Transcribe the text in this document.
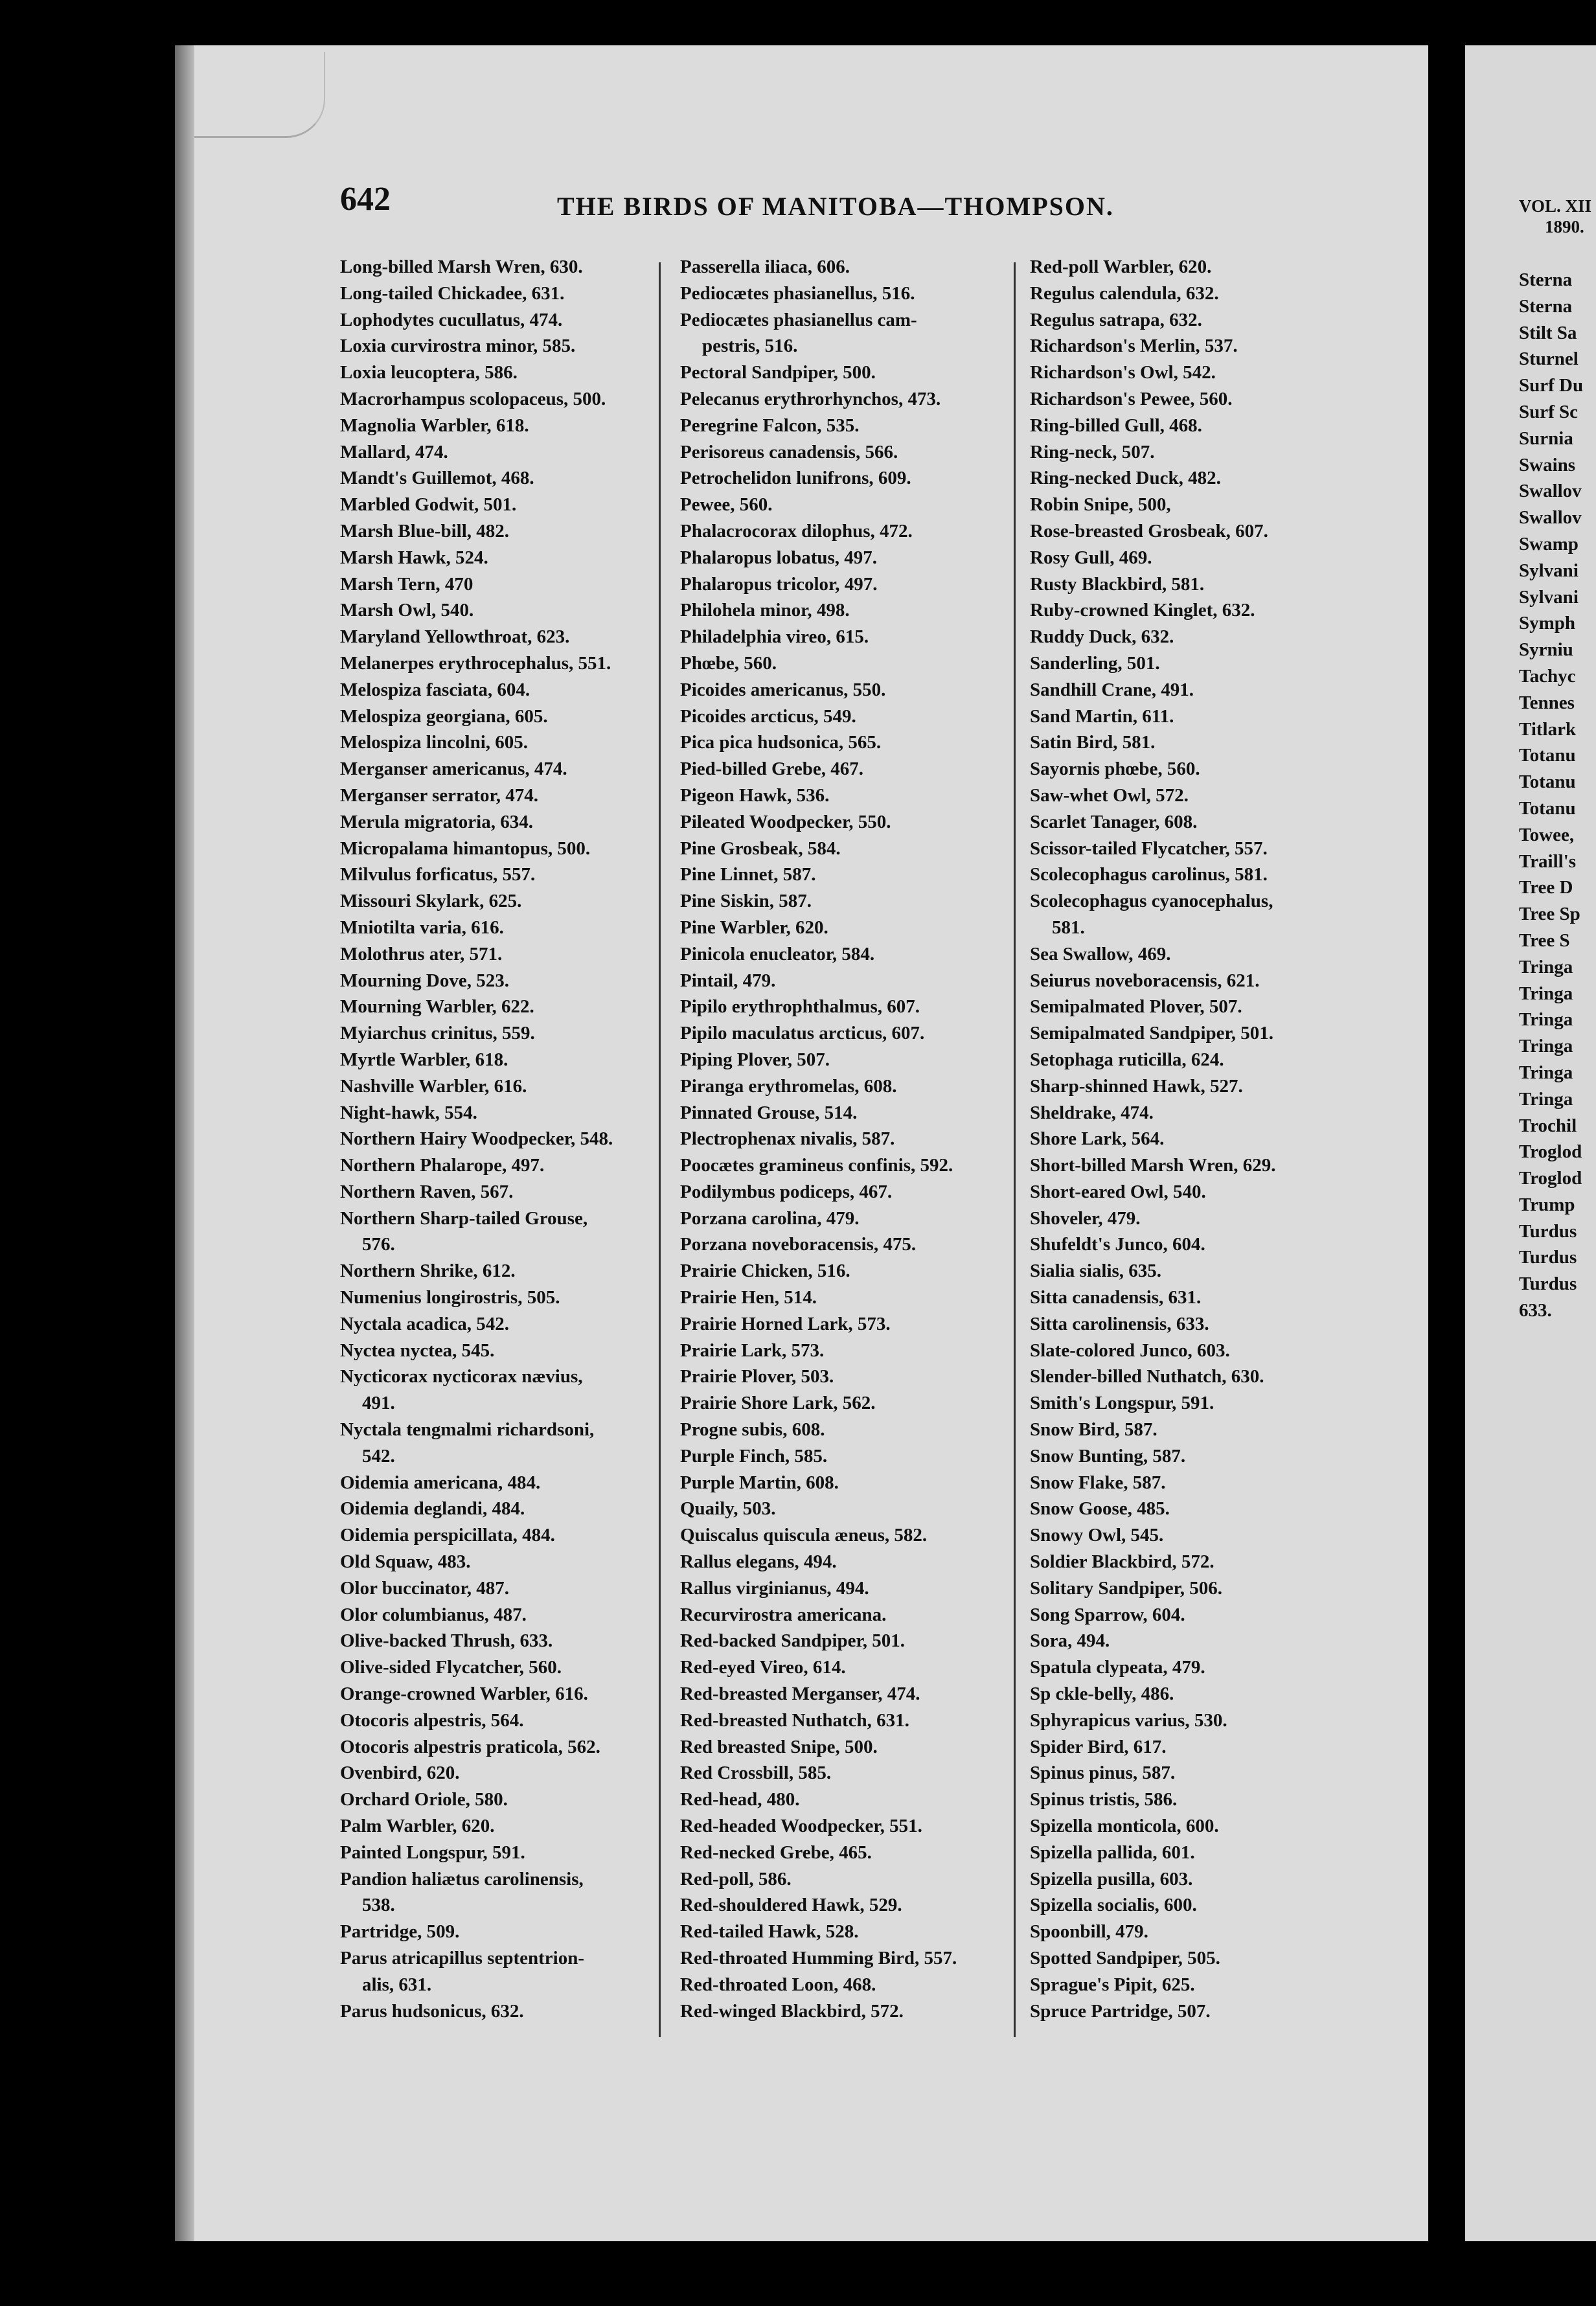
642	THE BIRDS OF MANITOBA—THOMPSON.
Long-billed Marsh Wren, 630.
Long-tailed Chickadee, 631.
Lophodytes cucullatus, 474.
Loxia curvirostra minor, 585.
Loxia leucoptera, 586.
Macrorhampus scolopaceus, 500.
Magnolia Warbler, 618.
Mallard, 474.
Mandt's Guillemot, 468.
Marbled Godwit, 501.
Marsh Blue-bill, 482.
Marsh Hawk, 524.
Marsh Tern, 470
Marsh Owl, 540.
Maryland Yellowthroat, 623.
Melanerpes erythrocephalus, 551.
Melospiza fasciata, 604.
Melospiza georgiana, 605.
Melospiza lincolni, 605.
Merganser americanus, 474.
Merganser serrator, 474.
Merula migratoria, 634.
Micropalama himantopus, 500.
Milvulus forficatus, 557.
Missouri Skylark, 625.
Mniotilta varia, 616.
Molothrus ater, 571.
Mourning Dove, 523.
Mourning Warbler, 622.
Myiarchus crinitus, 559.
Myrtle Warbler, 618.
Nashville Warbler, 616.
Night-hawk, 554.
Northern Hairy Woodpecker, 548.
Northern Phalarope, 497.
Northern Raven, 567.
Northern Sharp-tailed Grouse,
576.
Northern Shrike, 612.
Numenius longirostris, 505.
Nyctala acadica, 542.
Nyctea nyctea, 545.
Nycticorax nycticorax nævius,
491.
Nyctala tengmalmi richardsoni,
542.
Oidemia americana, 484.
Oidemia deglandi, 484.
Oidemia perspicillata, 484.
Old Squaw, 483.
Olor buccinator, 487.
Olor columbianus, 487.
Olive-backed Thrush, 633.
Olive-sided Flycatcher, 560.
Orange-crowned Warbler, 616.
Otocoris alpestris, 564.
Otocoris alpestris praticola, 562.
Ovenbird, 620.
Orchard Oriole, 580.
Palm Warbler, 620.
Painted Longspur, 591.
Pandion haliætus carolinensis,
538.
Partridge, 509.
Parus atricapillus septentrion-
alis, 631.
Parus hudsonicus, 632.
Passerella iliaca, 606.
Pediocætes phasianellus, 516.
Pediocætes phasianellus cam-
pestris, 516.
Pectoral Sandpiper, 500.
Pelecanus erythrorhynchos, 473.
Peregrine Falcon, 535.
Perisoreus canadensis, 566.
Petrochelidon lunifrons, 609.
Pewee, 560.
Phalacrocorax dilophus, 472.
Phalaropus lobatus, 497.
Phalaropus tricolor, 497.
Philohela minor, 498.
Philadelphia vireo, 615.
Phœbe, 560.
Picoides americanus, 550.
Picoides arcticus, 549.
Pica pica hudsonica, 565.
Pied-billed Grebe, 467.
Pigeon Hawk, 536.
Pileated Woodpecker, 550.
Pine Grosbeak, 584.
Pine Linnet, 587.
Pine Siskin, 587.
Pine Warbler, 620.
Pinicola enucleator, 584.
Pintail, 479.
Pipilo erythrophthalmus, 607.
Pipilo maculatus arcticus, 607.
Piping Plover, 507.
Piranga erythromelas, 608.
Pinnated Grouse, 514.
Plectrophenax nivalis, 587.
Poocætes gramineus confinis, 592.
Podilymbus podiceps, 467.
Porzana carolina, 479.
Porzana noveboracensis, 475.
Prairie Chicken, 516.
Prairie Hen, 514.
Prairie Horned Lark, 573.
Prairie Lark, 573.
Prairie Plover, 503.
Prairie Shore Lark, 562.
Progne subis, 608.
Purple Finch, 585.
Purple Martin, 608.
Quaily, 503.
Quiscalus quiscula æneus, 582.
Rallus elegans, 494.
Rallus virginianus, 494.
Recurvirostra americana.
Red-backed Sandpiper, 501.
Red-eyed Vireo, 614.
Red-breasted Merganser, 474.
Red-breasted Nuthatch, 631.
Red breasted Snipe, 500.
Red Crossbill, 585.
Red-head, 480.
Red-headed Woodpecker, 551.
Red-necked Grebe, 465.
Red-poll, 586.
Red-shouldered Hawk, 529.
Red-tailed Hawk, 528.
Red-throated Humming Bird, 557.
Red-throated Loon, 468.
Red-winged Blackbird, 572.
Red-poll Warbler, 620.
Regulus calendula, 632.
Regulus satrapa, 632.
Richardson's Merlin, 537.
Richardson's Owl, 542.
Richardson's Pewee, 560.
Ring-billed Gull, 468.
Ring-neck, 507.
Ring-necked Duck, 482.
Robin Snipe, 500,
Rose-breasted Grosbeak, 607.
Rosy Gull, 469.
Rusty Blackbird, 581.
Ruby-crowned Kinglet, 632.
Ruddy Duck, 632.
Sanderling, 501.
Sandhill Crane, 491.
Sand Martin, 611.
Satin Bird, 581.
Sayornis phœbe, 560.
Saw-whet Owl, 572.
Scarlet Tanager, 608.
Scissor-tailed Flycatcher, 557.
Scolecophagus carolinus, 581.
Scolecophagus cyanocephalus,
581.
Sea Swallow, 469.
Seiurus noveboracensis, 621.
Semipalmated Plover, 507.
Semipalmated Sandpiper, 501.
Setophaga ruticilla, 624.
Sharp-shinned Hawk, 527.
Sheldrake, 474.
Shore Lark, 564.
Short-billed Marsh Wren, 629.
Short-eared Owl, 540.
Shoveler, 479.
Shufeldt's Junco, 604.
Sialia sialis, 635.
Sitta canadensis, 631.
Sitta carolinensis, 633.
Slate-colored Junco, 603.
Slender-billed Nuthatch, 630.
Smith's Longspur, 591.
Snow Bird, 587.
Snow Bunting, 587.
Snow Flake, 587.
Snow Goose, 485.
Snowy Owl, 545.
Soldier Blackbird, 572.
Solitary Sandpiper, 506.
Song Sparrow, 604.
Sora, 494.
Spatula clypeata, 479.
Sp ckle-belly, 486.
Sphyrapicus varius, 530.
Spider Bird, 617.
Spinus pinus, 587.
Spinus tristis, 586.
Spizella monticola, 600.
Spizella pallida, 601.
Spizella pusilla, 603.
Spizella socialis, 600.
Spoonbill, 479.
Spotted Sandpiper, 505.
Sprague's Pipit, 625.
Spruce Partridge, 507.
VOL. XII
1890.
Sterna
Sterna
Stilt Sa
Sturnel
Surf Du
Surf Sc
Surnia
Swains
Swallov
Swallov
Swamp
Sylvani
Sylvani
Symph
Syrniu
Tachyc
Tennes
Titlark
Totanu
Totanu
Totanu
Towee,
Traill's
Tree D
Tree Sp
Tree S
Tringa
Tringa
Tringa
Tringa
Tringa
Tringa
Trochil
Troglod
Troglod
Trump
Turdus
Turdus
Turdus
633.
